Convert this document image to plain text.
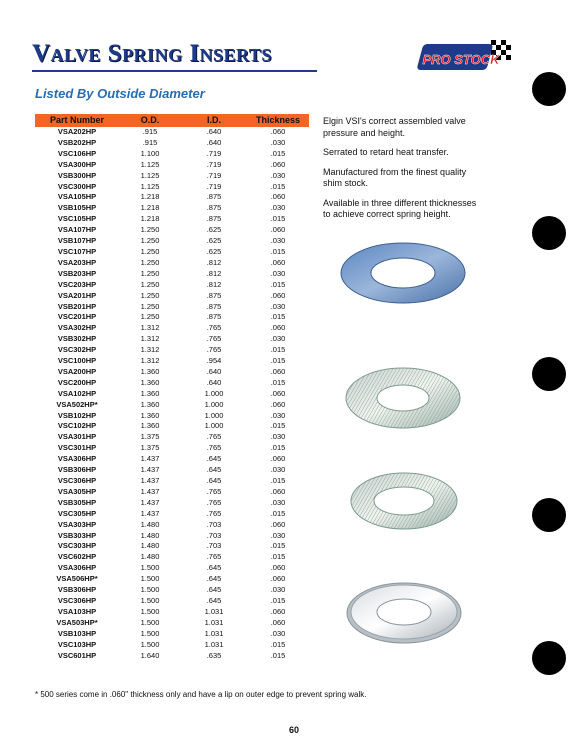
Valve Spring Inserts	PRO STOCK
Listed By Outside Diameter
Part Number	O.D.	I.D.	Thickness
VSA202HP	.915	.640	.060
VSB202HP	.915	.640	.030
VSC106HP	1.100	.719	.015
VSA300HP	1.125	.719	.060
VSB300HP	1.125	.719	.030
VSC300HP	1.125	.719	.015
VSA105HP	1.218	.875	.060
VSB105HP	1.218	.875	.030
VSC105HP	1.218	.875	.015
VSA107HP	1.250	.625	.060
VSB107HP	1.250	.625	.030
VSC107HP	1.250	.625	.015
VSA203HP	1.250	.812	.060
VSB203HP	1.250	.812	.030
VSC203HP	1.250	.812	.015
VSA201HP	1.250	.875	.060
VSB201HP	1.250	.875	.030
VSC201HP	1.250	.875	.015
VSA302HP	1.312	.765	.060
VSB302HP	1.312	.765	.030
VSC302HP	1.312	.765	.015
VSC100HP	1.312	.954	.015
VSA200HP	1.360	.640	.060
VSC200HP	1.360	.640	.015
VSA102HP	1.360	1.000	.060
VSA502HP*	1.360	1.000	.060
VSB102HP	1.360	1.000	.030
VSC102HP	1.360	1.000	.015
VSA301HP	1.375	.765	.030
VSC301HP	1.375	.765	.015
VSA306HP	1.437	.645	.060
VSB306HP	1.437	.645	.030
VSC306HP	1.437	.645	.015
VSA305HP	1.437	.765	.060
VSB305HP	1.437	.765	.030
VSC305HP	1.437	.765	.015
VSA303HP	1.480	.703	.060
VSB303HP	1.480	.703	.030
VSC303HP	1.480	.703	.015
VSC602HP	1.480	.765	.015
VSA306HP	1.500	.645	.060
VSA506HP*	1.500	.645	.060
VSB306HP	1.500	.645	.030
VSC306HP	1.500	.645	.015
VSA103HP	1.500	1.031	.060
VSA503HP*	1.500	1.031	.060
VSB103HP	1.500	1.031	.030
VSC103HP	1.500	1.031	.015
VSC601HP	1.640	.635	.015

Elgin VSI's correct assembled valve pressure and height.

Serrated to retard heat transfer.

Manufactured from the finest quality shim stock.

Available in three different thicknesses to achieve correct spring height.

* 500 series come in .060" thickness only and have a lip on outer edge to prevent spring walk.
60
